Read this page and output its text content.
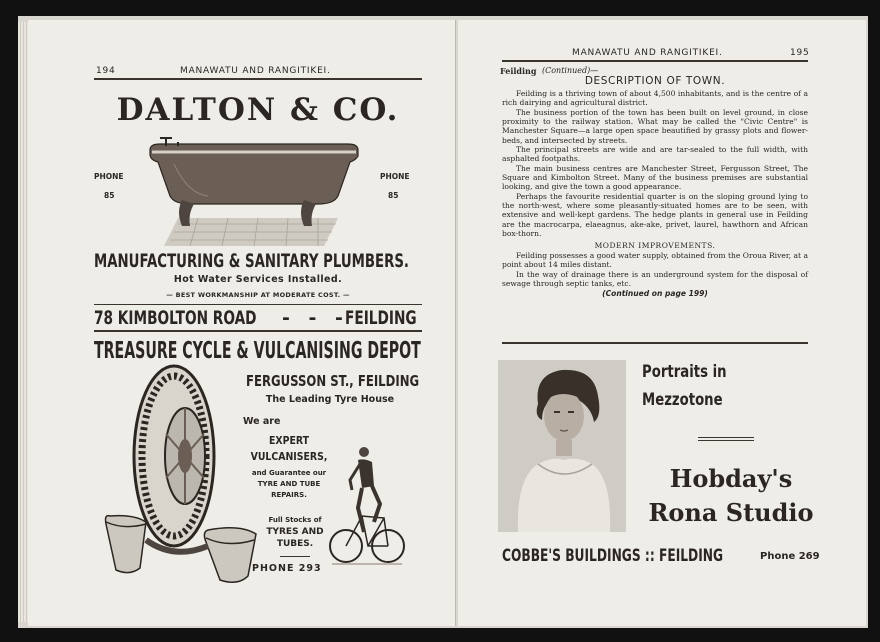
194	MANAWATU AND RANGITIKEI.
DALTON & CO.
PHONE
85
PHONE
85
MANUFACTURING & SANITARY PLUMBERS.
Hot Water Services Installed.
— BEST WORKMANSHIP AT MODERATE COST. —
78 KIMBOLTON ROAD - - -
FEILDING
TREASURE CYCLE & VULCANISING DEPOT
FERGUSSON ST., FEILDING
The Leading Tyre House
We are
EXPERT
VULCANISERS,
and Guarantee our
TYRE AND TUBE
REPAIRS.
Full Stocks of
TYRES AND
TUBES.
PHONE 293
MANAWATU AND RANGITIKEI.	195
Feilding (Continued)—
DESCRIPTION OF TOWN.

Feilding is a thriving town of about 4,500 inhabitants, and is the centre of a rich dairying and agricultural district.

The business portion of the town has been built on level ground, in close proximity to the railway station. What may be called the "Civic Centre" is Manchester Square—a large open space beautified by grassy plots and flower-beds, and intersected by streets.

The principal streets are wide and are tar-sealed to the full width, with asphalted footpaths.

The main business centres are Manchester Street, Fergusson Street, The Square and Kimbolton Street. Many of the business premises are substantial looking, and give the town a good appearance.

Perhaps the favourite residential quarter is on the sloping ground lying to the north-west, where some pleasantly-situated homes are to be seen, with extensive and well-kept gardens. The hedge plants in general use in Feilding are the macrocarpa, elaeagnus, ake-ake, privet, laurel, hawthorn and African box-thorn.

MODERN IMPROVEMENTS.

Feilding possesses a good water supply, obtained from the Oroua River, at a point about 14 miles distant.

In the way of drainage there is an underground system for the disposal of sewage through septic tanks, etc.

(Continued on page 199)

Portraits in
Mezzotone
Hobday's
Rona Studio
COBBE'S BUILDINGS :: FEILDING	Phone 269
